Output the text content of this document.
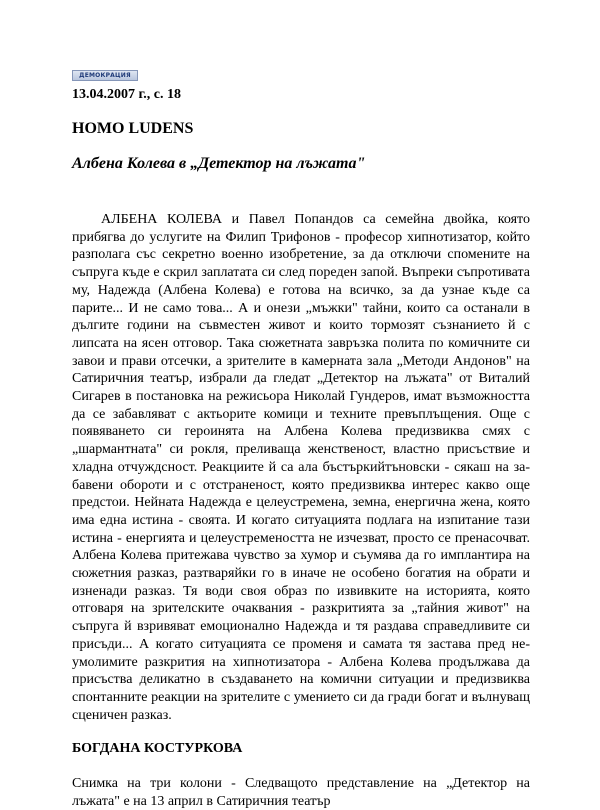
ДЕМОКРАЦИЯ
13.04.2007 г., с. 18
HOMO LUDENS
Албена Колева в „Детектор на лъжата"
АЛБЕНА КОЛЕВА и Павел Попандов са семейна двойка, която прибягва до услугите на Филип Трифонов - професор хипнотизатор, който разполага със секретно военно изобретение, за да отключи спомените на съпруга къде е скрил заплатата си след пореден запой. Въпреки съпротивата му, Надежда (Албена Колева) е готова на всичко, за да узнае къде са парите... И не само това... А и онези „мъжки" тайни, които са останали в дългите години на съвместен живот и които тормозят съзнанието й с липсата на ясен отговор. Така сюжетната завръзка полита по комичните си завои и прави отсечки, а зрителите в камерната зала „Методи Андонов" на Сатиричния театър, избрали да гледат „Детектор на лъжата" от Виталий Сигарев в постановка на режисьора Николай Гундеров, имат възможността да се забавляват с актьорите комици и техните превъплъщения. Още с появяването си героинята на Албена Колева предизвиква смях с „шармантната" си рокля, преливаща женственост, властно присъствие и хладна отчуждсност. Реакциите й са ала бъстъркийтъновски - сякаш на забавени обороти и с отстраненост, която предизвиква интерес какво още предстои. Нейната Надежда е целеустремена, земна, енергична жена, която има една истина - своята. И когато ситуацията подлага на изпитание тази истина - енергията и целеустремеността не изчезват, просто се пренасочват. Албена Колева притежава чувство за хумор и съумява да го имплантира на сюжетния разказ, разтваряйки го в иначе не особено богатия на обрати и изненади разказ. Тя води своя образ по извивките на историята, която отговаря на зрителските очаквания - разкритията за „тайния живот" на съпруга й взривяват емоционално Надежда и тя раздава справедливите си присъди... А когато ситуацията се променя и самата тя застава пред неумолимите разкрития на хипнотизатора - Албена Колева продължава да присъства деликатно в създаването на комични ситуации и предизвиква спонтанните реакции на зрителите с умението си да гради богат и вълнуващ сценичен разказ.
БОГДАНА КОСТУРКОВА
Снимка на три колони - Следващото представление на „Детектор на лъжата" е на 13 април в Сатиричния театър
